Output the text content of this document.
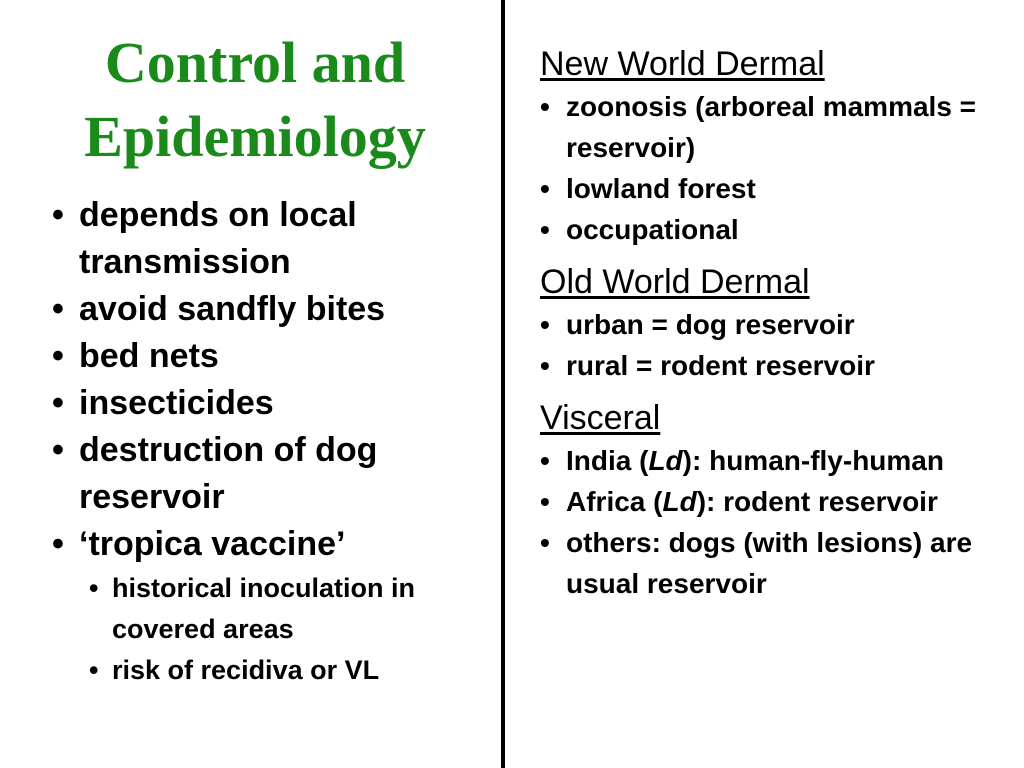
Control and Epidemiology
• depends on local transmission
• avoid sandfly bites
• bed nets
• insecticides
• destruction of dog reservoir
• ‘tropica vaccine’
• historical inoculation in covered areas
• risk of recidiva or VL
New World Dermal
• zoonosis (arboreal mammals = reservoir)
• lowland forest
• occupational
Old World Dermal
• urban = dog reservoir
• rural = rodent reservoir
Visceral
• India (Ld): human-fly-human
• Africa (Ld): rodent reservoir
• others: dogs (with lesions) are usual reservoir
